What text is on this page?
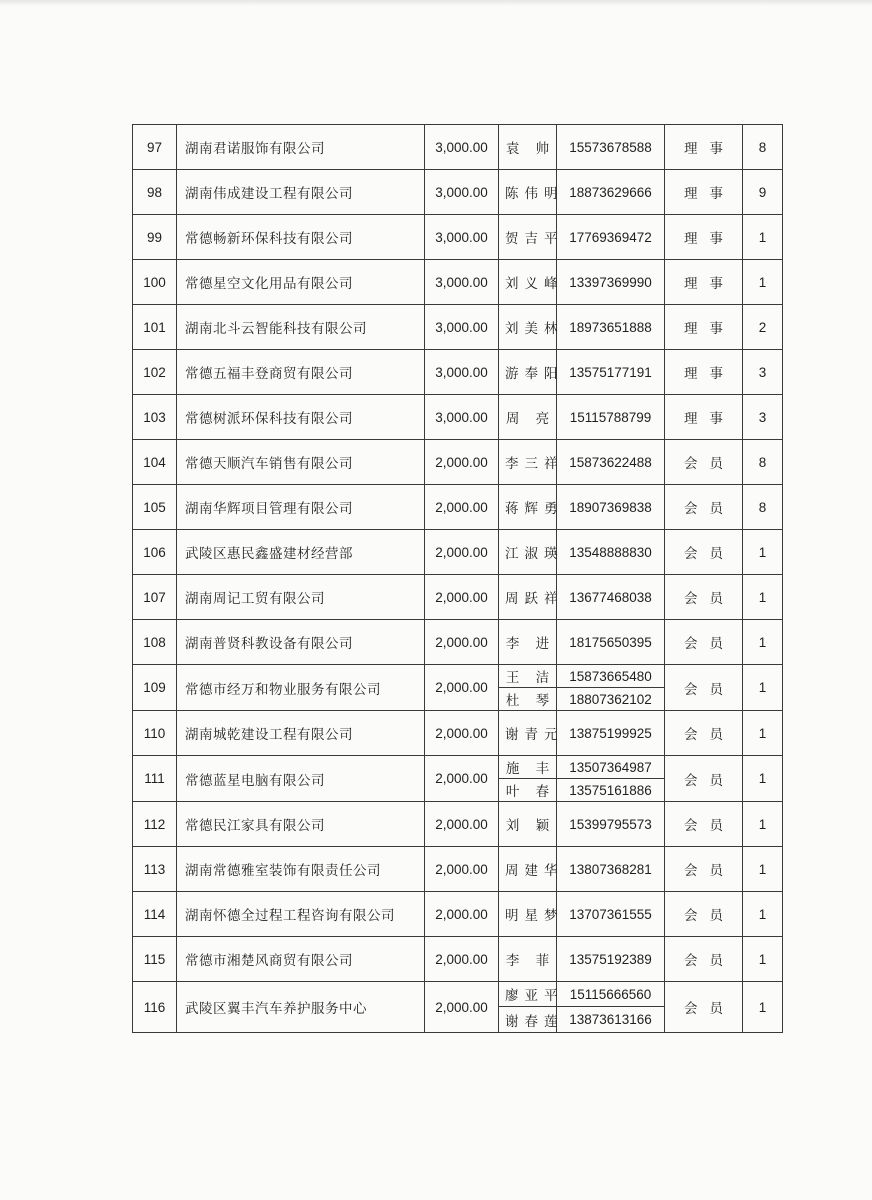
97	湖南君诺服饰有限公司	3,000.00	袁 帅	15573678588	理事	8
98	湖南伟成建设工程有限公司	3,000.00	陈伟明	18873629666	理事	9
99	常德畅新环保科技有限公司	3,000.00	贺吉平	17769369472	理事	1
100	常德星空文化用品有限公司	3,000.00	刘义峰	13397369990	理事	1
101	湖南北斗云智能科技有限公司	3,000.00	刘美林	18973651888	理事	2
102	常德五福丰登商贸有限公司	3,000.00	游奉阳	13575177191	理事	3
103	常德树派环保科技有限公司	3,000.00	周 亮	15115788799	理事	3
104	常德天顺汽车销售有限公司	2,000.00	李三祥	15873622488	会员	8
105	湖南华辉项目管理有限公司	2,000.00	蒋辉勇	18907369838	会员	8
106	武陵区惠民鑫盛建材经营部	2,000.00	江淑瑛	13548888830	会员	1
107	湖南周记工贸有限公司	2,000.00	周跃祥	13677468038	会员	1
108	湖南普贤科教设备有限公司	2,000.00	李 进	18175650395	会员	1
109	常德市经万和物业服务有限公司	2,000.00	王 洁	15873665480	会员	1
			杜 琴	18807362102		
110	湖南城乾建设工程有限公司	2,000.00	谢青元	13875199925	会员	1
111	常德蓝星电脑有限公司	2,000.00	施 丰	13507364987	会员	1
			叶 春	13575161886		
112	常德民江家具有限公司	2,000.00	刘 颖	15399795573	会员	1
113	湖南常德雅室装饰有限责任公司	2,000.00	周建华	13807368281	会员	1
114	湖南怀德全过程工程咨询有限公司	2,000.00	明星梦	13707361555	会员	1
115	常德市湘楚风商贸有限公司	2,000.00	李 菲	13575192389	会员	1
116	武陵区翼丰汽车养护服务中心	2,000.00	廖亚平	15115666560	会员	1
			谢春莲	13873613166		
